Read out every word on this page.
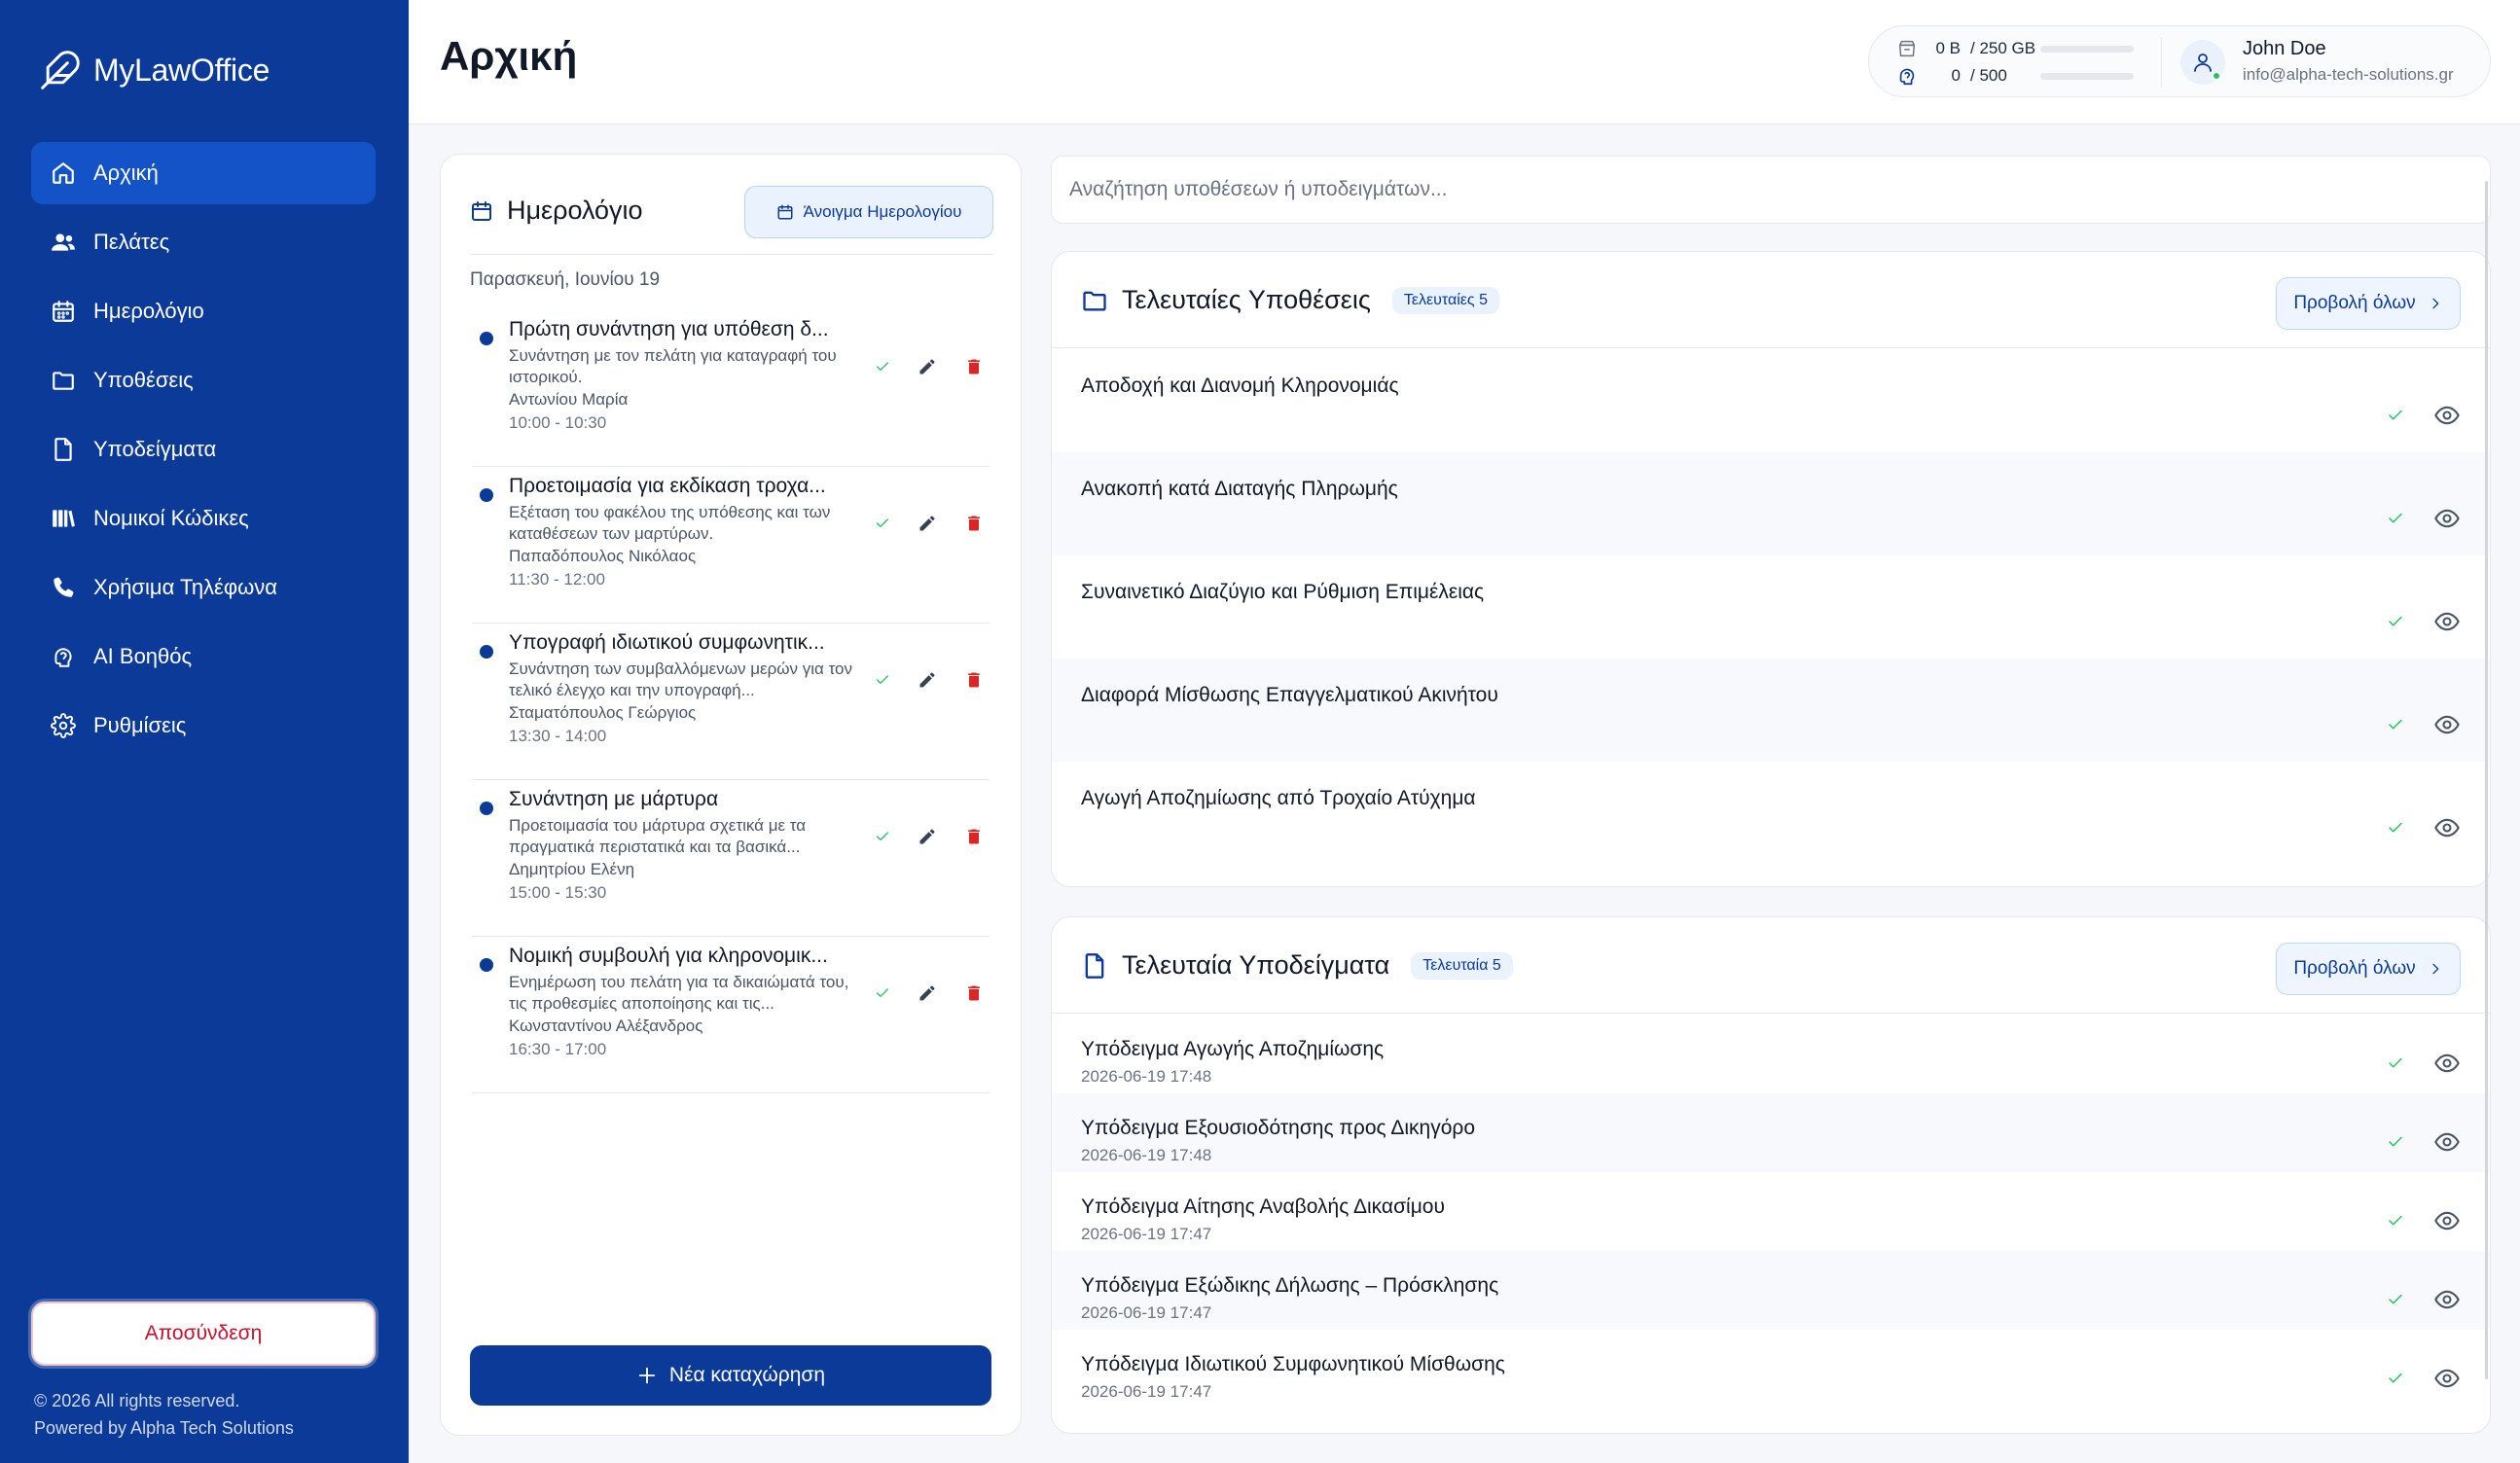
MyLawOffice
Αρχική
Πελάτες
Ημερολόγιο
Υποθέσεις
Υποδείγματα
Νομικοί Κώδικες
Χρήσιμα Τηλέφωνα
AI Βοηθός
Ρυθμίσεις
Αποσύνδεση
© 2026 All rights reserved.
Powered by Alpha Tech Solutions
Αρχική	0 B / 250 GB
0 / 500
John Doe
info@alpha-tech-solutions.gr
Ημερολόγιο	Άνοιγμα Ημερολογίου
Παρασκευή, Ιουνίου 19
Πρώτη συνάντηση για υπόθεση δ...
Συνάντηση με τον πελάτη για καταγραφή του ιστορικού.
Αντωνίου Μαρία
10:00 - 10:30
Προετοιμασία για εκδίκαση τροχα...
Εξέταση του φακέλου της υπόθεσης και των καταθέσεων των μαρτύρων.
Παπαδόπουλος Νικόλαος
11:30 - 12:00
Υπογραφή ιδιωτικού συμφωνητικ...
Συνάντηση των συμβαλλόμενων μερών για τον τελικό έλεγχο και την υπογραφή...
Σταματόπουλος Γεώργιος
13:30 - 14:00
Συνάντηση με μάρτυρα
Προετοιμασία του μάρτυρα σχετικά με τα πραγματικά περιστατικά και τα βασικά...
Δημητρίου Ελένη
15:00 - 15:30
Νομική συμβουλή για κληρονομικ...
Ενημέρωση του πελάτη για τα δικαιώματά του, τις προθεσμίες αποποίησης και τις...
Κωνσταντίνου Αλέξανδρος
16:30 - 17:00
Νέα καταχώρηση
Αναζήτηση υποθέσεων ή υποδειγμάτων...
Τελευταίες Υποθέσεις	Τελευταίες 5	Προβολή όλων
Αποδοχή και Διανομή Κληρονομιάς
Ανακοπή κατά Διαταγής Πληρωμής
Συναινετικό Διαζύγιο και Ρύθμιση Επιμέλειας
Διαφορά Μίσθωσης Επαγγελματικού Ακινήτου
Αγωγή Αποζημίωσης από Τροχαίο Ατύχημα
Τελευταία Υποδείγματα	Τελευταία 5	Προβολή όλων
Υπόδειγμα Αγωγής Αποζημίωσης
2026-06-19 17:48
Υπόδειγμα Εξουσιοδότησης προς Δικηγόρο
2026-06-19 17:48
Υπόδειγμα Αίτησης Αναβολής Δικασίμου
2026-06-19 17:47
Υπόδειγμα Εξώδικης Δήλωσης – Πρόσκλησης
2026-06-19 17:47
Υπόδειγμα Ιδιωτικού Συμφωνητικού Μίσθωσης
2026-06-19 17:47
